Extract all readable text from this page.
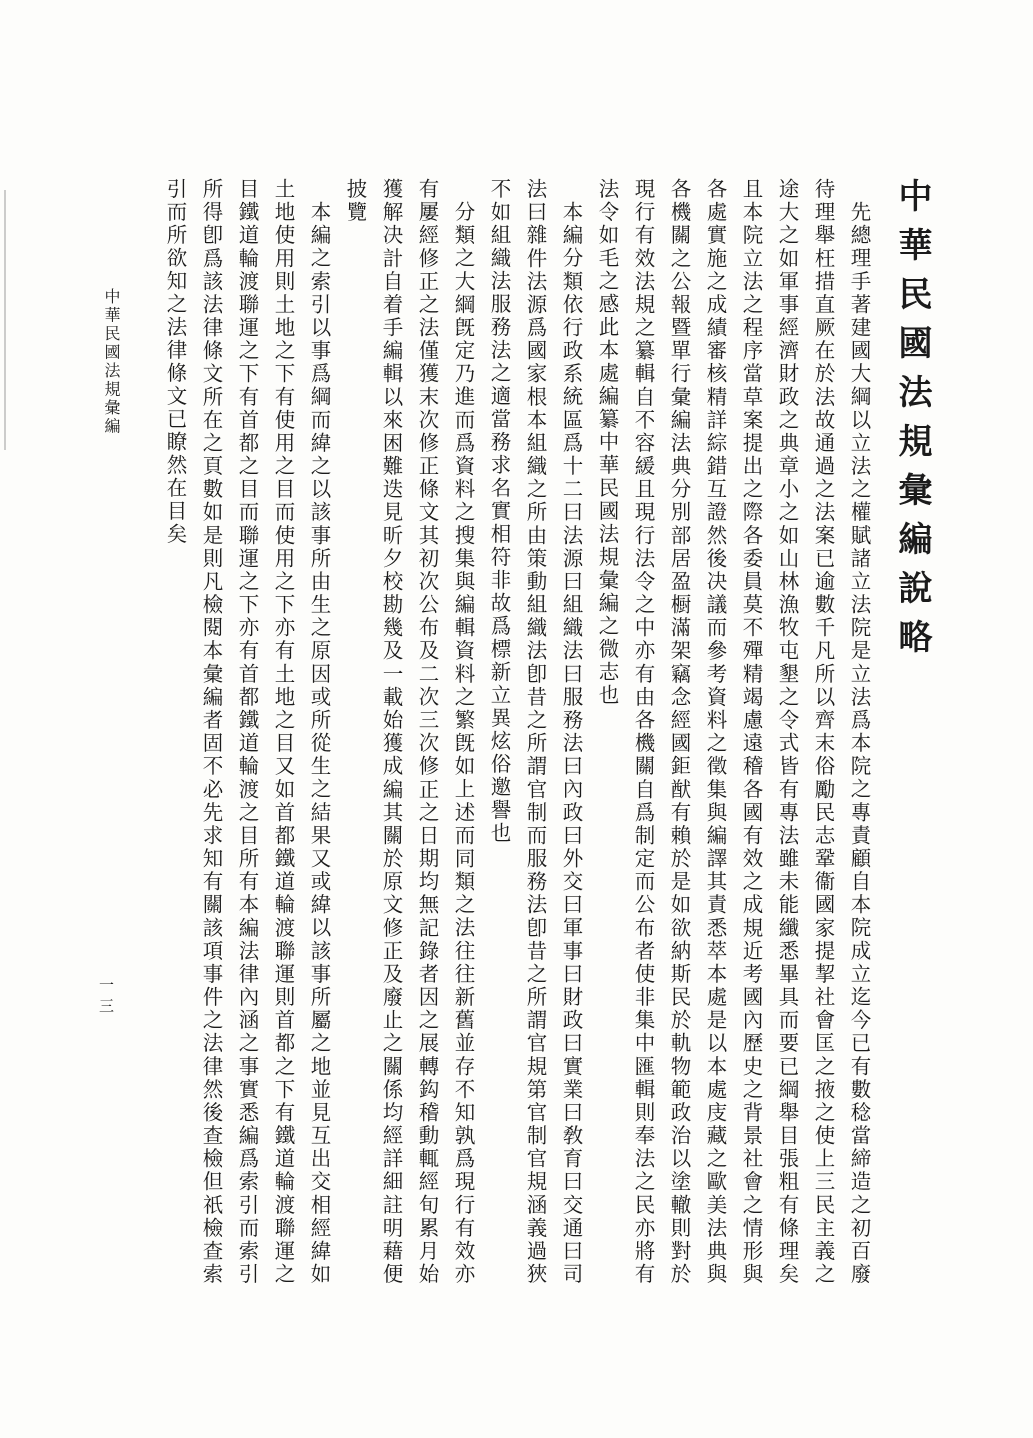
中華民國法規彙編說略

先總理手著建國大綱以立法之權賦諸立法院是立法爲本院之專責顧自本院成立迄今已有數稔當締造之初百廢待理舉枉措直厥在於法故通過之法案已逾數千凡所以齊末俗勵民志鞏衞國家提挈社會匡之掖之使上三民主義之途大之如軍事經濟財政之典章小之如山林漁牧屯墾之令式皆有專法雖未能纖悉畢具而要已綱舉目張粗有條理矣且本院立法之程序當草案提出之際各委員莫不殫精竭慮遠稽各國有效之成規近考國內歷史之背景社會之情形與各處實施之成績審核精詳綜錯互證然後决議而參考資料之徵集與編譯其責悉萃本處是以本處庋藏之歐美法典與各機關之公報暨單行彙編法典分別部居盈橱滿架竊念經國鉅猷有賴於是如欲納斯民於軌物範政治以塗轍則對於現行有效法規之纂輯自不容緩且現行法令之中亦有由各機關自爲制定而公布者使非集中匯輯則奉法之民亦將有法令如毛之感此本處編纂中華民國法規彙編之微志也

本編分類依行政系統區爲十二曰法源曰組織法曰服務法曰內政曰外交曰軍事曰財政曰實業曰敎育曰交通曰司法曰雜件法源爲國家根本組織之所由策動組織法卽昔之所謂官制而服務法卽昔之所謂官規第官制官規涵義過狹不如組織法服務法之適當務求名實相符非故爲標新立異炫俗邀譽也

分類之大綱旣定乃進而爲資料之搜集與編輯資料之繁旣如上述而同類之法往往新舊並存不知孰爲現行有效亦有屢經修正之法僅獲末次修正條文其初次公布及二次三次修正之日期均無記錄者因之展轉鈎稽動輒經旬累月始獲解决計自着手編輯以來困難迭見昕夕校勘幾及一載始獲成編其關於原文修正及廢止之關係均經詳細註明藉便披覽

本編之索引以事爲綱而緯之以該事所由生之原因或所從生之結果又或緯以該事所屬之地並見互出交相經緯如土地使用則土地之下有使用之目而使用之下亦有土地之目又如首都鐵道輪渡聯運則首都之下有鐵道輪渡聯運之目鐵道輪渡聯運之下有首都之目而聯運之下亦有首都鐵道輪渡之目所有本編法律內涵之事實悉編爲索引而索引所得卽爲該法律條文所在之頁數如是則凡檢閱本彙編者固不必先求知有關該項事件之法律然後查檢但祇檢查索引而所欲知之法律條文已瞭然在目矣

中華民國法規彙編
一三
